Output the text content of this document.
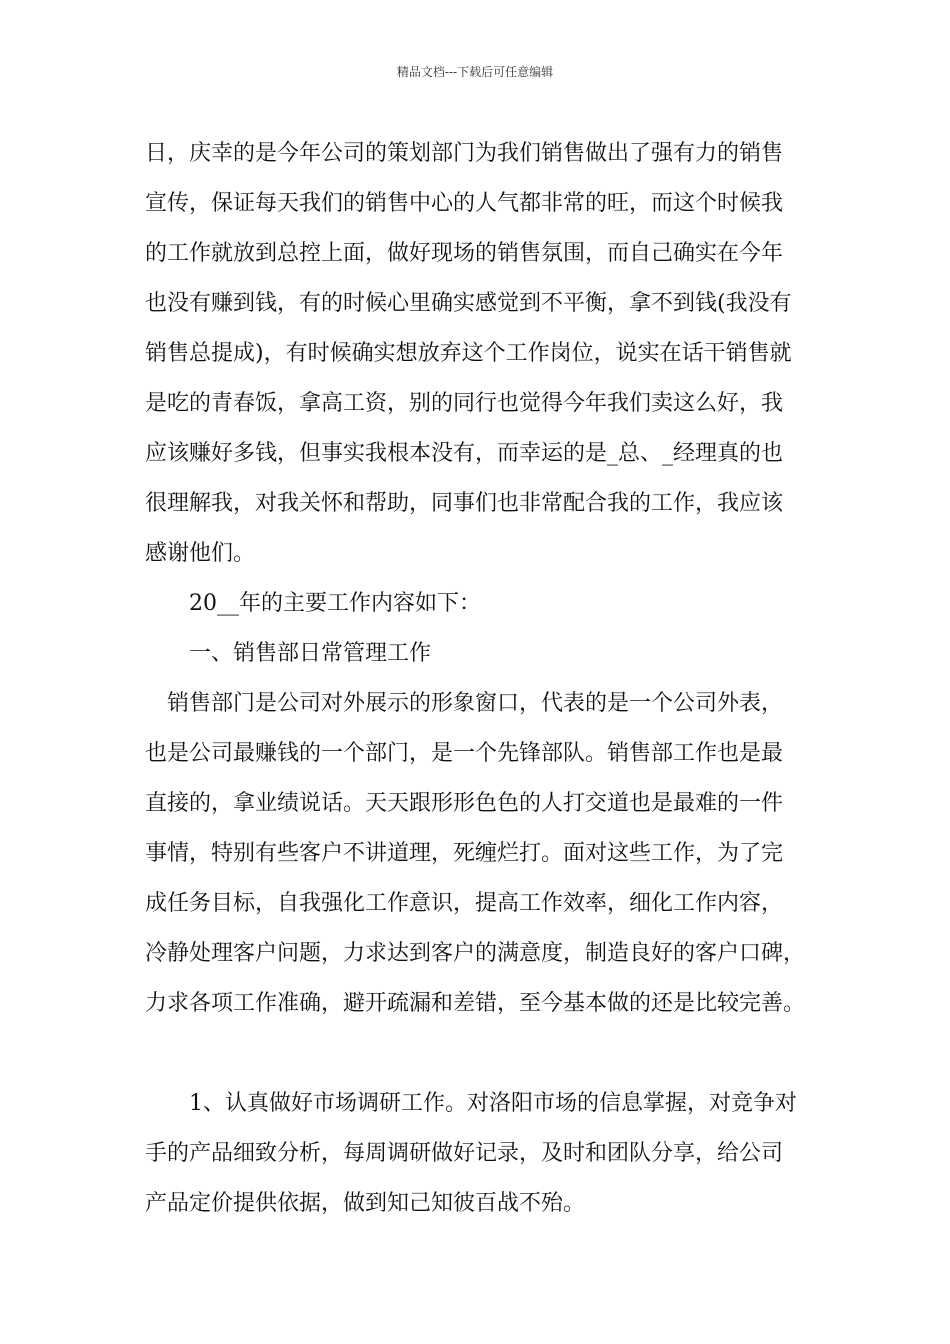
精品文档---下载后可任意编辑
日，庆幸的是今年公司的策划部门为我们销售做出了强有力的销售
宣传，保证每天我们的销售中心的人气都非常的旺，而这个时候我
的工作就放到总控上面，做好现场的销售氛围，而自己确实在今年
也没有赚到钱，有的时候心里确实感觉到不平衡，拿不到钱(我没有
销售总提成)，有时候确实想放弃这个工作岗位，说实在话干销售就
是吃的青春饭，拿高工资，别的同行也觉得今年我们卖这么好，我
应该赚好多钱，但事实我根本没有，而幸运的是_总、_经理真的也
很理解我，对我关怀和帮助，同事们也非常配合我的工作，我应该
感谢他们。
20__年的主要工作内容如下：
一、销售部日常管理工作
销售部门是公司对外展示的形象窗口，代表的是一个公司外表，
也是公司最赚钱的一个部门，是一个先锋部队。销售部工作也是最
直接的，拿业绩说话。天天跟形形色色的人打交道也是最难的一件
事情，特别有些客户不讲道理，死缠烂打。面对这些工作，为了完
成任务目标，自我强化工作意识，提高工作效率，细化工作内容，
冷静处理客户问题，力求达到客户的满意度，制造良好的客户口碑，
力求各项工作准确，避开疏漏和差错，至今基本做的还是比较完善。
1、认真做好市场调研工作。对洛阳市场的信息掌握，对竞争对
手的产品细致分析，每周调研做好记录，及时和团队分享，给公司
产品定价提供依据，做到知己知彼百战不殆。
